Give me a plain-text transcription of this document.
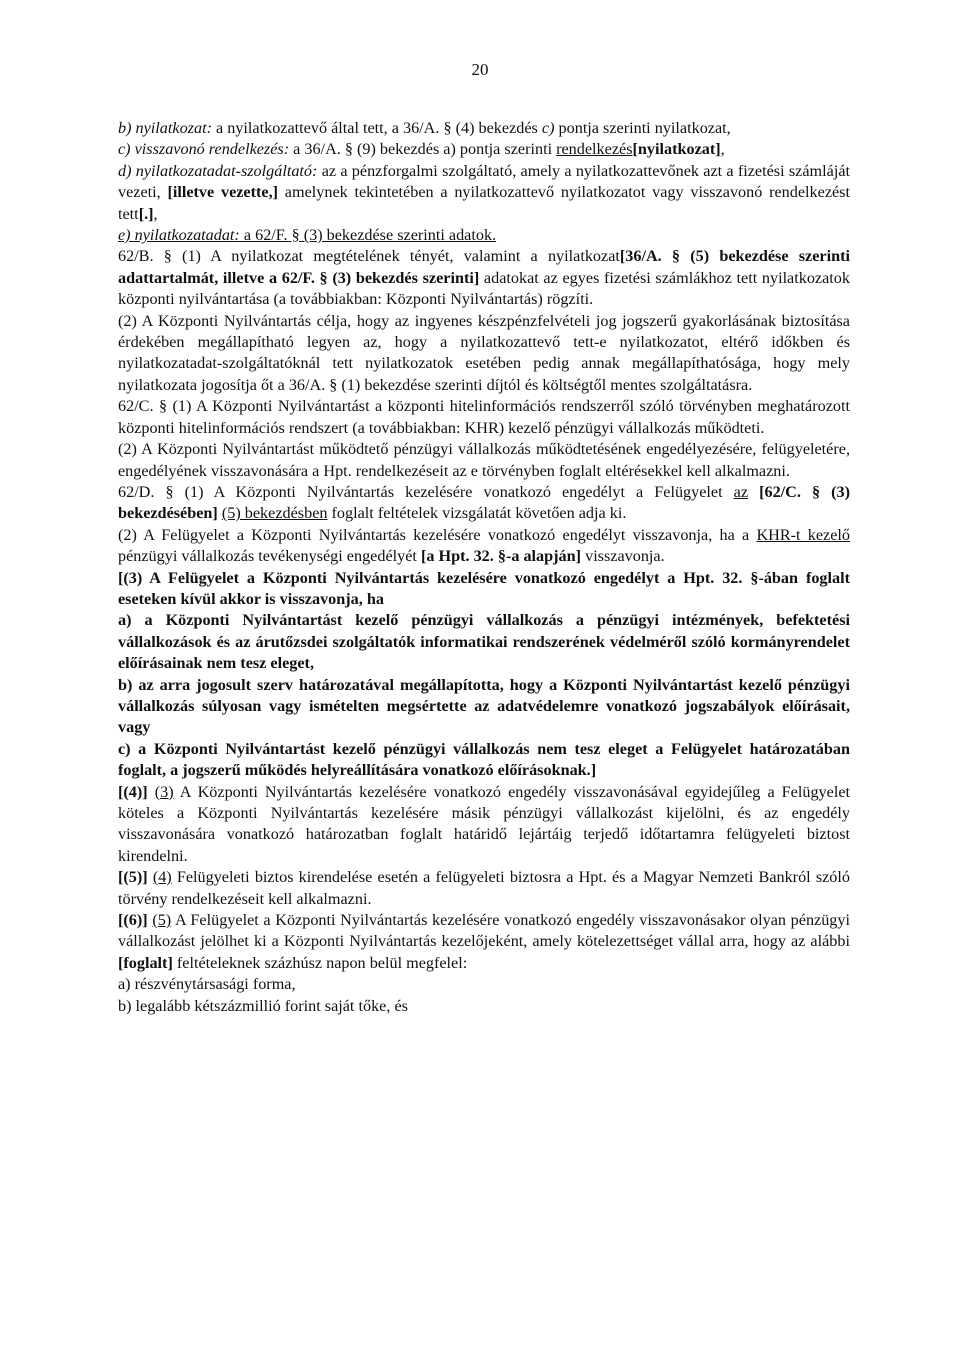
20

b) nyilatkozat: a nyilatkozattevő által tett, a 36/A. § (4) bekezdés c) pontja szerinti nyilatkozat,

c) visszavonó rendelkezés: a 36/A. § (9) bekezdés a) pontja szerinti rendelkezés[nyilatkozat],

d) nyilatkozatadat-szolgáltató: az a pénzforgalmi szolgáltató, amely a nyilatkozattevőnek azt a fizetési számláját vezeti, [illetve vezette,] amelynek tekintetében a nyilatkozattevő nyilatkozatot vagy visszavonó rendelkezést tett[.],

e) nyilatkozatadat: a 62/F. § (3) bekezdése szerinti adatok.

62/B. § (1) A nyilatkozat megtételének tényét, valamint a nyilatkozat[36/A. § (5) bekezdése szerinti adattartalmát, illetve a 62/F. § (3) bekezdés szerinti] adatokat az egyes fizetési számlákhoz tett nyilatkozatok központi nyilvántartása (a továbbiakban: Központi Nyilvántartás) rögzíti.

(2) A Központi Nyilvántartás célja, hogy az ingyenes készpénzfelvételi jog jogszerű gyakorlásának biztosítása érdekében megállapítható legyen az, hogy a nyilatkozattevő tett-e nyilatkozatot, eltérő időkben és nyilatkozatadat-szolgáltatóknál tett nyilatkozatok esetében pedig annak megállapíthatósága, hogy mely nyilatkozata jogosítja őt a 36/A. § (1) bekezdése szerinti díjtól és költségtől mentes szolgáltatásra.

62/C. § (1) A Központi Nyilvántartást a központi hitelinformációs rendszerről szóló törvényben meghatározott központi hitelinformációs rendszert (a továbbiakban: KHR) kezelő pénzügyi vállalkozás működteti.

(2) A Központi Nyilvántartást működtető pénzügyi vállalkozás működtetésének engedélyezésére, felügyeletére, engedélyének visszavonására a Hpt. rendelkezéseit az e törvényben foglalt eltérésekkel kell alkalmazni.

62/D. § (1) A Központi Nyilvántartás kezelésére vonatkozó engedélyt a Felügyelet az [62/C. § (3) bekezdésében] (5) bekezdésben foglalt feltételek vizsgálatát követően adja ki.

(2) A Felügyelet a Központi Nyilvántartás kezelésére vonatkozó engedélyt visszavonja, ha a KHR-t kezelő pénzügyi vállalkozás tevékenységi engedélyét [a Hpt. 32. §-a alapján] visszavonja.

[(3) A Felügyelet a Központi Nyilvántartás kezelésére vonatkozó engedélyt a Hpt. 32. §-ában foglalt eseteken kívül akkor is visszavonja, ha

a) a Központi Nyilvántartást kezelő pénzügyi vállalkozás a pénzügyi intézmények, befektetési vállalkozások és az árutőzsdei szolgáltatók informatikai rendszerének védelméről szóló kormányrendelet előírásainak nem tesz eleget,

b) az arra jogosult szerv határozatával megállapította, hogy a Központi Nyilvántartást kezelő pénzügyi vállalkozás súlyosan vagy ismételten megsértette az adatvédelemre vonatkozó jogszabályok előírásait, vagy

c) a Központi Nyilvántartást kezelő pénzügyi vállalkozás nem tesz eleget a Felügyelet határozatában foglalt, a jogszerű működés helyreállítására vonatkozó előírásoknak.]

[(4)] (3) A Központi Nyilvántartás kezelésére vonatkozó engedély visszavonásával egyidejűleg a Felügyelet köteles a Központi Nyilvántartás kezelésére másik pénzügyi vállalkozást kijelölni, és az engedély visszavonására vonatkozó határozatban foglalt határidő lejártáig terjedő időtartamra felügyeleti biztost kirendelni.

[(5)] (4) Felügyeleti biztos kirendelése esetén a felügyeleti biztosra a Hpt. és a Magyar Nemzeti Bankról szóló törvény rendelkezéseit kell alkalmazni.

[(6)] (5) A Felügyelet a Központi Nyilvántartás kezelésére vonatkozó engedély visszavonásakor olyan pénzügyi vállalkozást jelölhet ki a Központi Nyilvántartás kezelőjeként, amely kötelezettséget vállal arra, hogy az alábbi [foglalt] feltételeknek százhúsz napon belül megfelel:

a) részvénytársasági forma,

b) legalább kétszázmillió forint saját tőke, és
